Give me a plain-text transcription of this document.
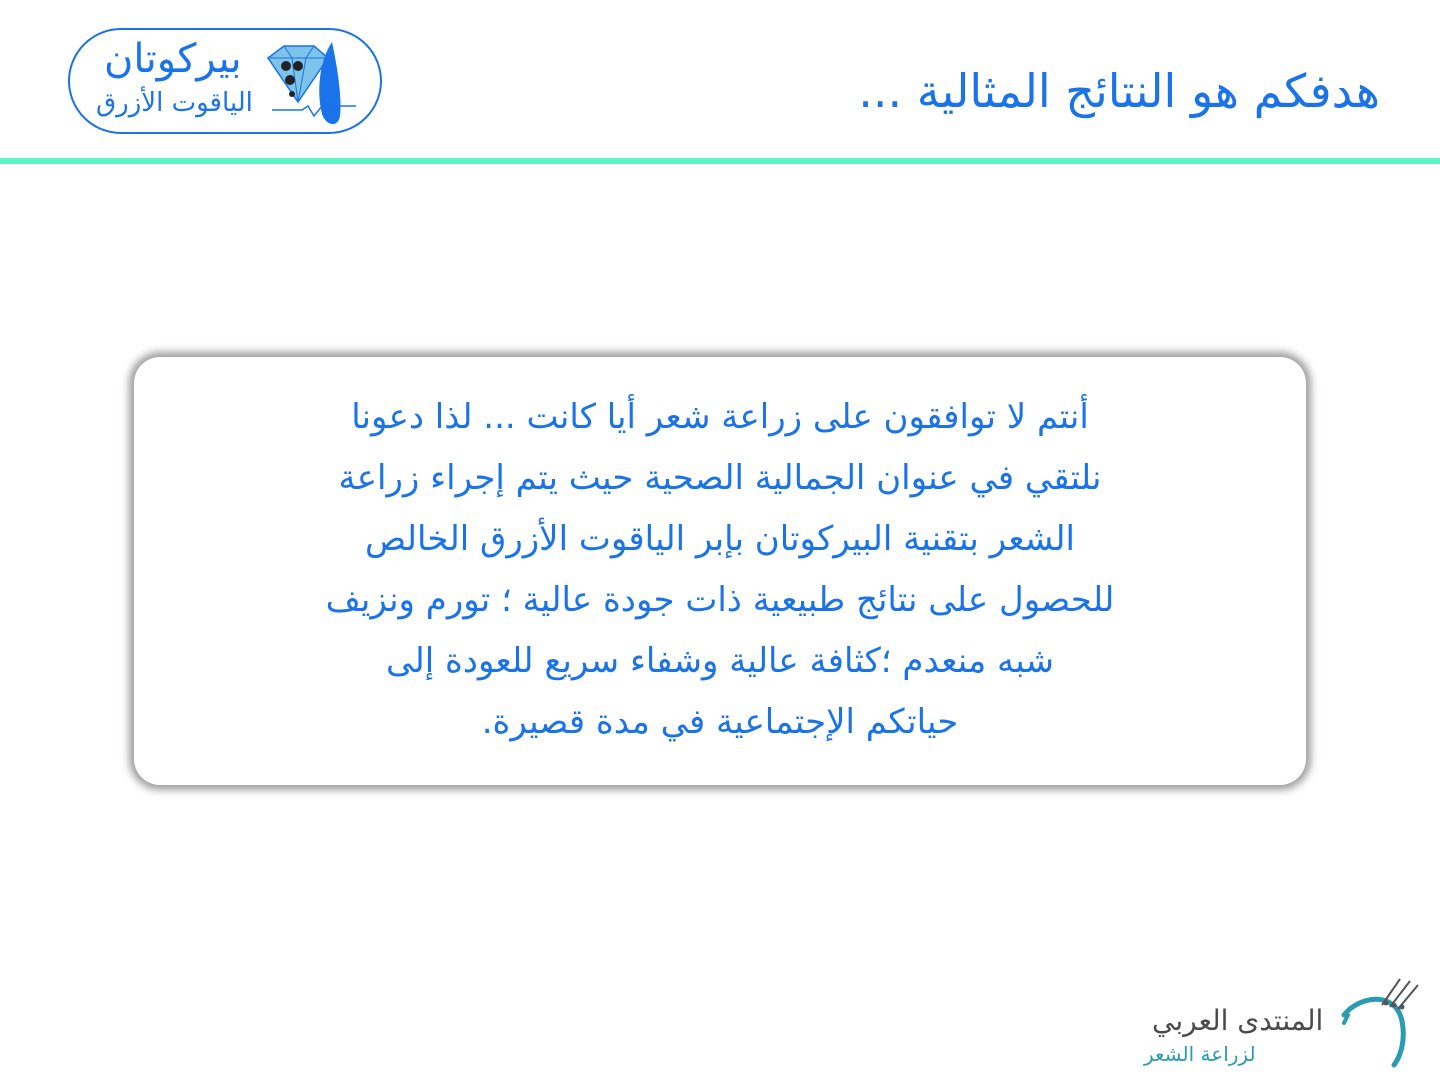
هدفكم هو النتائج المثالية ...
بيركوتان
الياقوت الأزرق

أنتم لا توافقون على زراعة شعر أيا كانت ... لذا دعونا
نلتقي في عنوان الجمالية الصحية حيث يتم إجراء زراعة
الشعر بتقنية البيركوتان بإبر الياقوت الأزرق الخالص
للحصول على نتائج طبيعية ذات جودة عالية ؛ تورم ونزيف
شبه منعدم ؛كثافة عالية وشفاء سريع للعودة إلى
حياتكم الإجتماعية في مدة قصيرة.

المنتدى العربي
لزراعة الشعر
